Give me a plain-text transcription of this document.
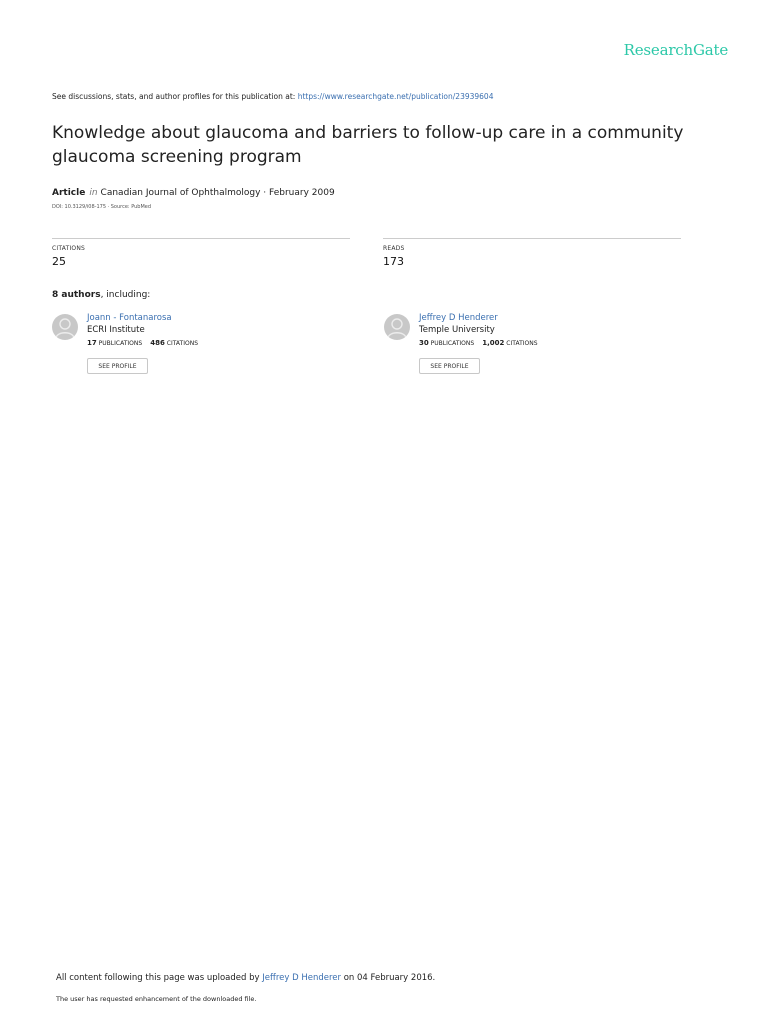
ResearchGate
See discussions, stats, and author profiles for this publication at: https://www.researchgate.net/publication/23939604
Knowledge about glaucoma and barriers to follow-up care in a community glaucoma screening program
Article in Canadian Journal of Ophthalmology · February 2009
DOI: 10.3129/i08-175 · Source: PubMed
CITATIONS
25
READS
173
8 authors, including:
Joann - Fontanarosa
ECRI Institute
17 PUBLICATIONS 486 CITATIONS
SEE PROFILE
Jeffrey D Henderer
Temple University
30 PUBLICATIONS 1,002 CITATIONS
SEE PROFILE
All content following this page was uploaded by Jeffrey D Henderer on 04 February 2016.
The user has requested enhancement of the downloaded file.
